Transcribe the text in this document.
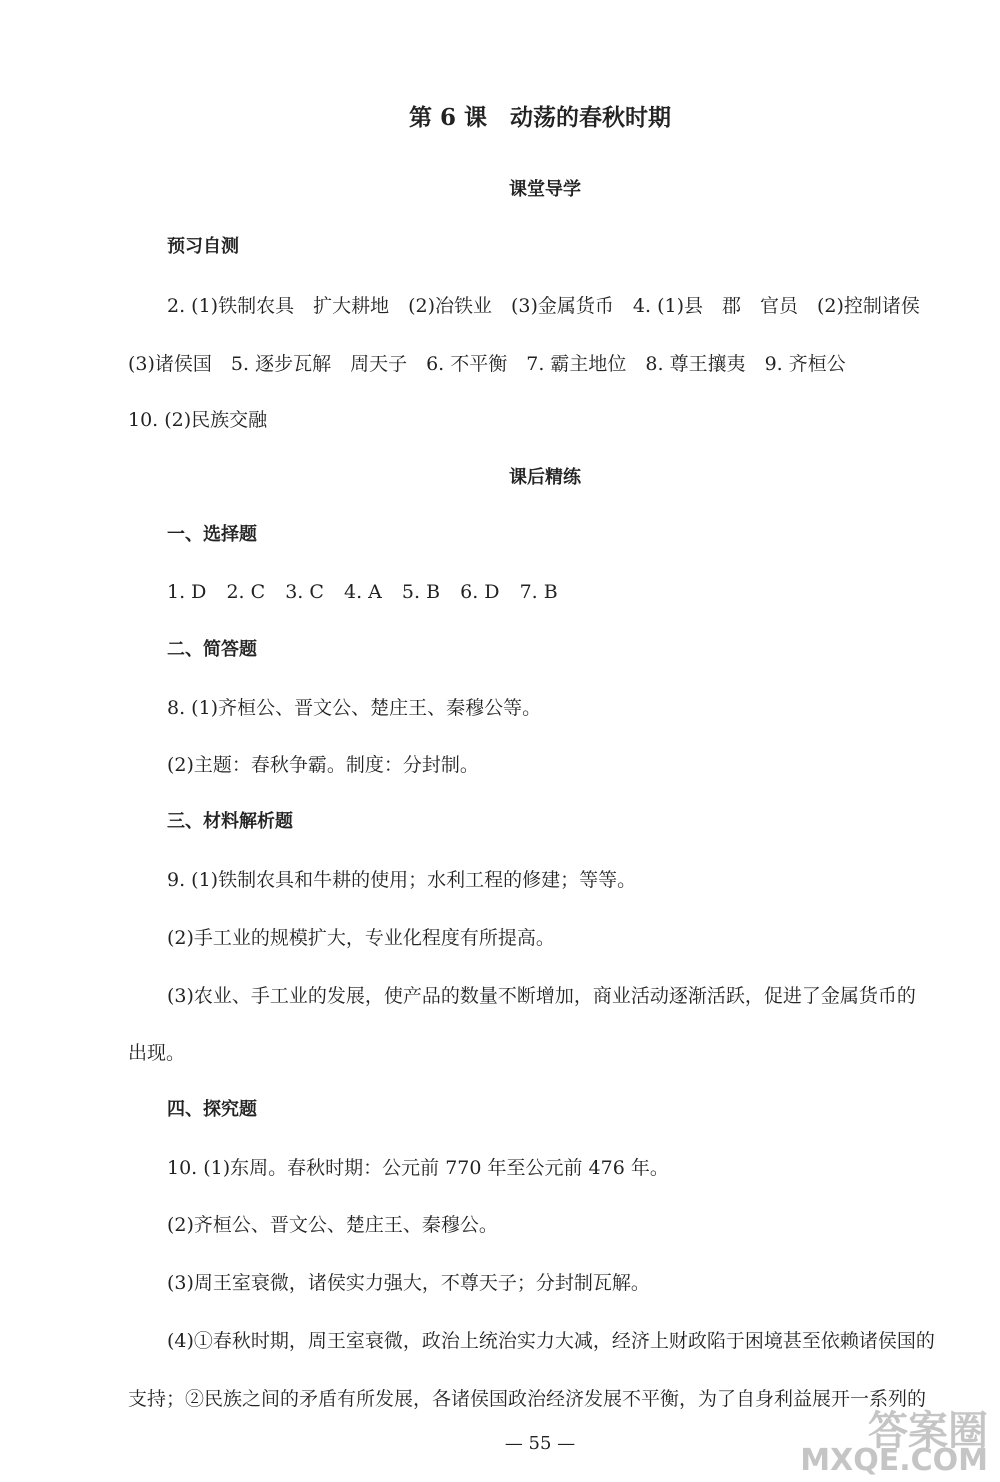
第 6 课　动荡的春秋时期
课堂导学
预习自测
2. (1)铁制农具　扩大耕地　(2)冶铁业　(3)金属货币　4. (1)县　郡　官员　(2)控制诸侯
(3)诸侯国　5. 逐步瓦解　周天子　6. 不平衡　7. 霸主地位　8. 尊王攘夷　9. 齐桓公
10. (2)民族交融
课后精练
一、选择题
1. D 2. C 3. C 4. A 5. B 6. D 7. B
二、简答题
8. (1)齐桓公、晋文公、楚庄王、秦穆公等。
(2)主题：春秋争霸。制度：分封制。
三、材料解析题
9. (1)铁制农具和牛耕的使用；水利工程的修建；等等。
(2)手工业的规模扩大，专业化程度有所提高。
(3)农业、手工业的发展，使产品的数量不断增加，商业活动逐渐活跃，促进了金属货币的
出现。
四、探究题
10. (1)东周。春秋时期：公元前 770 年至公元前 476 年。
(2)齐桓公、晋文公、楚庄王、秦穆公。
(3)周王室衰微，诸侯实力强大，不尊天子；分封制瓦解。
(4)①春秋时期，周王室衰微，政治上统治实力大减，经济上财政陷于困境甚至依赖诸侯国的
支持；②民族之间的矛盾有所发展，各诸侯国政治经济发展不平衡，为了自身利益展开一系列的
— 55 —	答案圈
MXQE.COM
